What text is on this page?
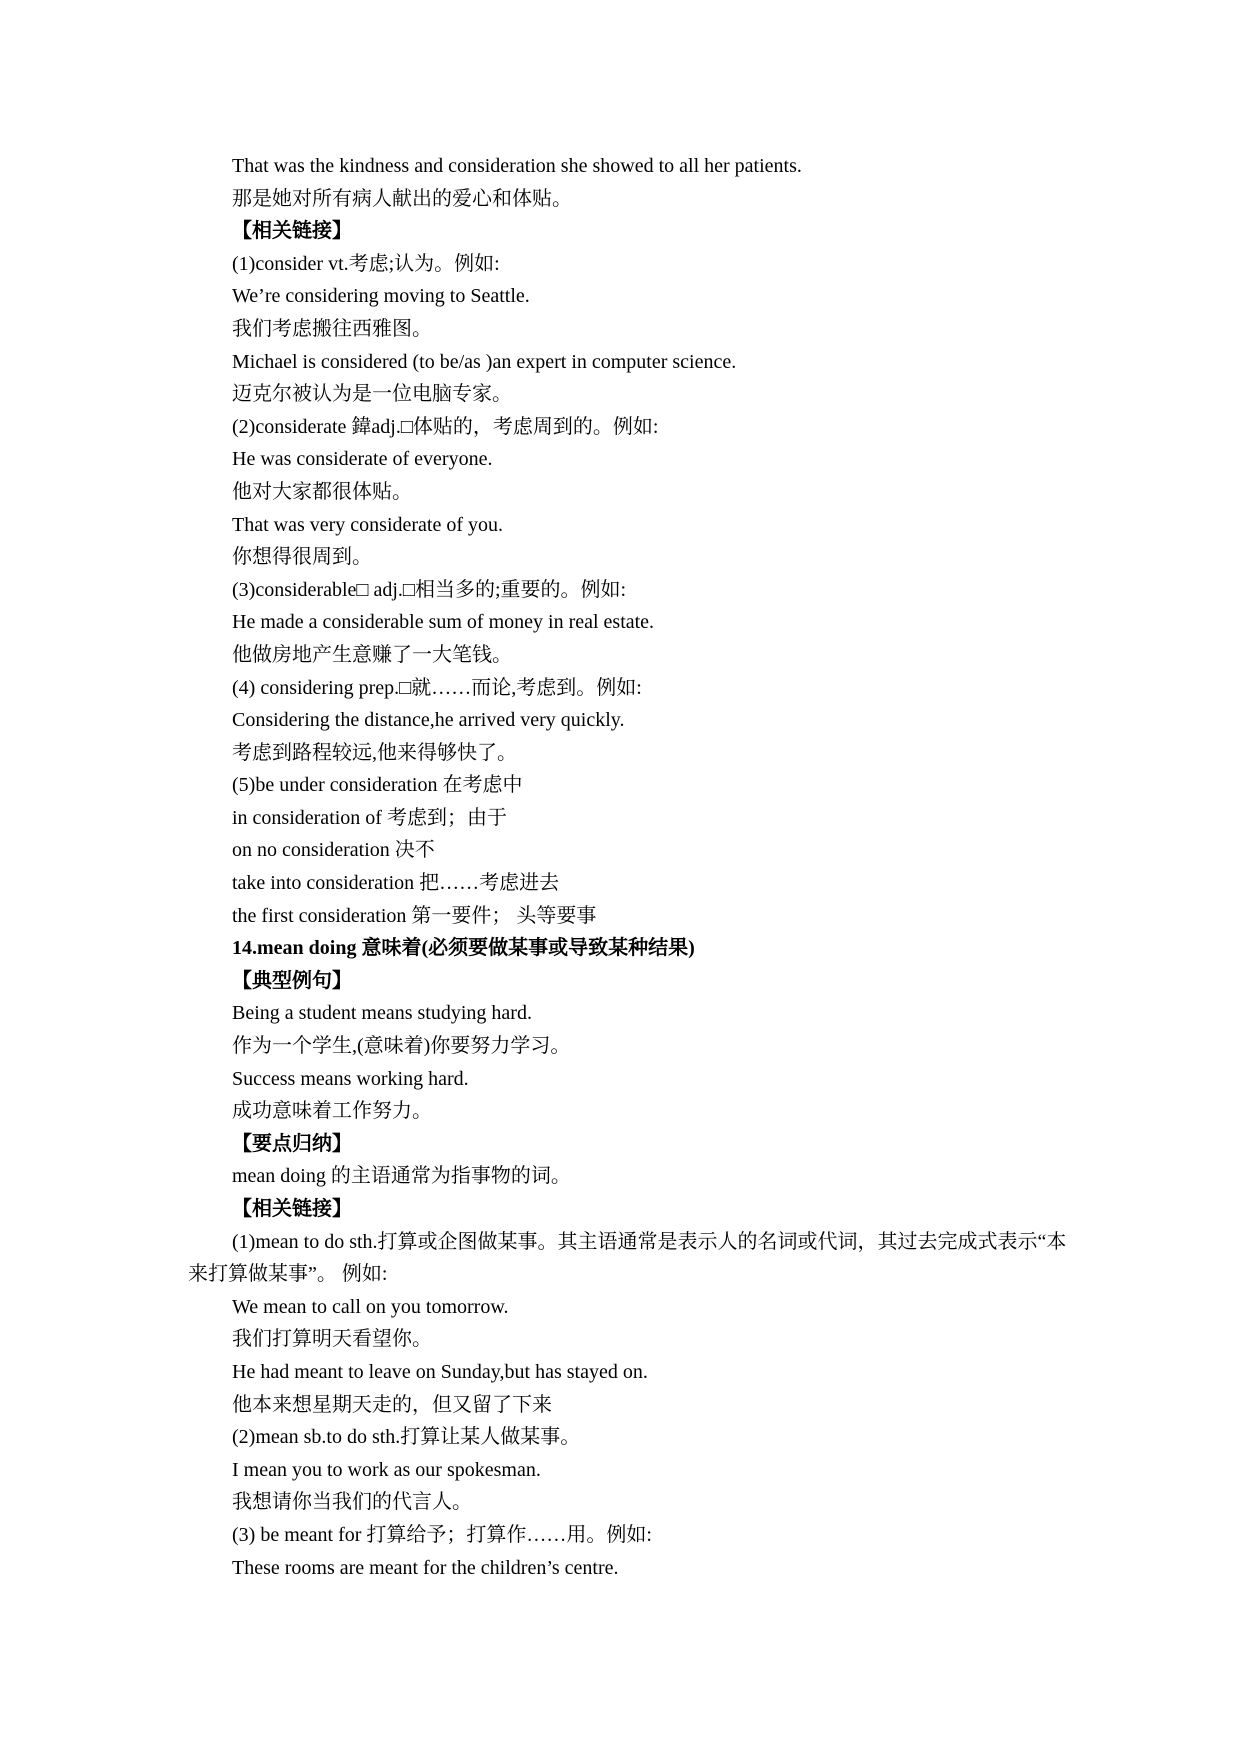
That was the kindness and consideration she showed to all her patients.
那是她对所有病人献出的爱心和体贴。
【相关链接】
(1)consider vt.考虑;认为。例如:
We’re considering moving to Seattle.
我们考虑搬往西雅图。
Michael is considered (to be/as )an expert in computer science.
迈克尔被认为是一位电脑专家。
(2)considerate 鍏adj.□体贴的，考虑周到的。例如:
He was considerate of everyone.
他对大家都很体贴。
That was very considerate of you.
你想得很周到。
(3)considerable□ adj.□相当多的;重要的。例如:
He made a considerable sum of money in real estate.
他做房地产生意赚了一大笔钱。
(4) considering prep.□就……而论,考虑到。例如:
Considering the distance,he arrived very quickly.
考虑到路程较远,他来得够快了。
(5)be under consideration 在考虑中
in consideration of 考虑到；由于
on no consideration 决不
take into consideration 把……考虑进去
the first consideration 第一要件； 头等要事
14.mean doing 意味着(必须要做某事或导致某种结果)
【典型例句】
Being a student means studying hard.
作为一个学生,(意味着)你要努力学习。
Success means working hard.
成功意味着工作努力。
【要点归纳】
mean doing 的主语通常为指事物的词。
【相关链接】
(1)mean to do sth.打算或企图做某事。其主语通常是表示人的名词或代词，其过去完成式表示“本来打算做某事”。 例如:
We mean to call on you tomorrow.
我们打算明天看望你。
He had meant to leave on Sunday,but has stayed on.
他本来想星期天走的，但又留了下来
(2)mean sb.to do sth.打算让某人做某事。
I mean you to work as our spokesman.
我想请你当我们的代言人。
(3) be meant for 打算给予；打算作……用。例如:
These rooms are meant for the children’s centre.
